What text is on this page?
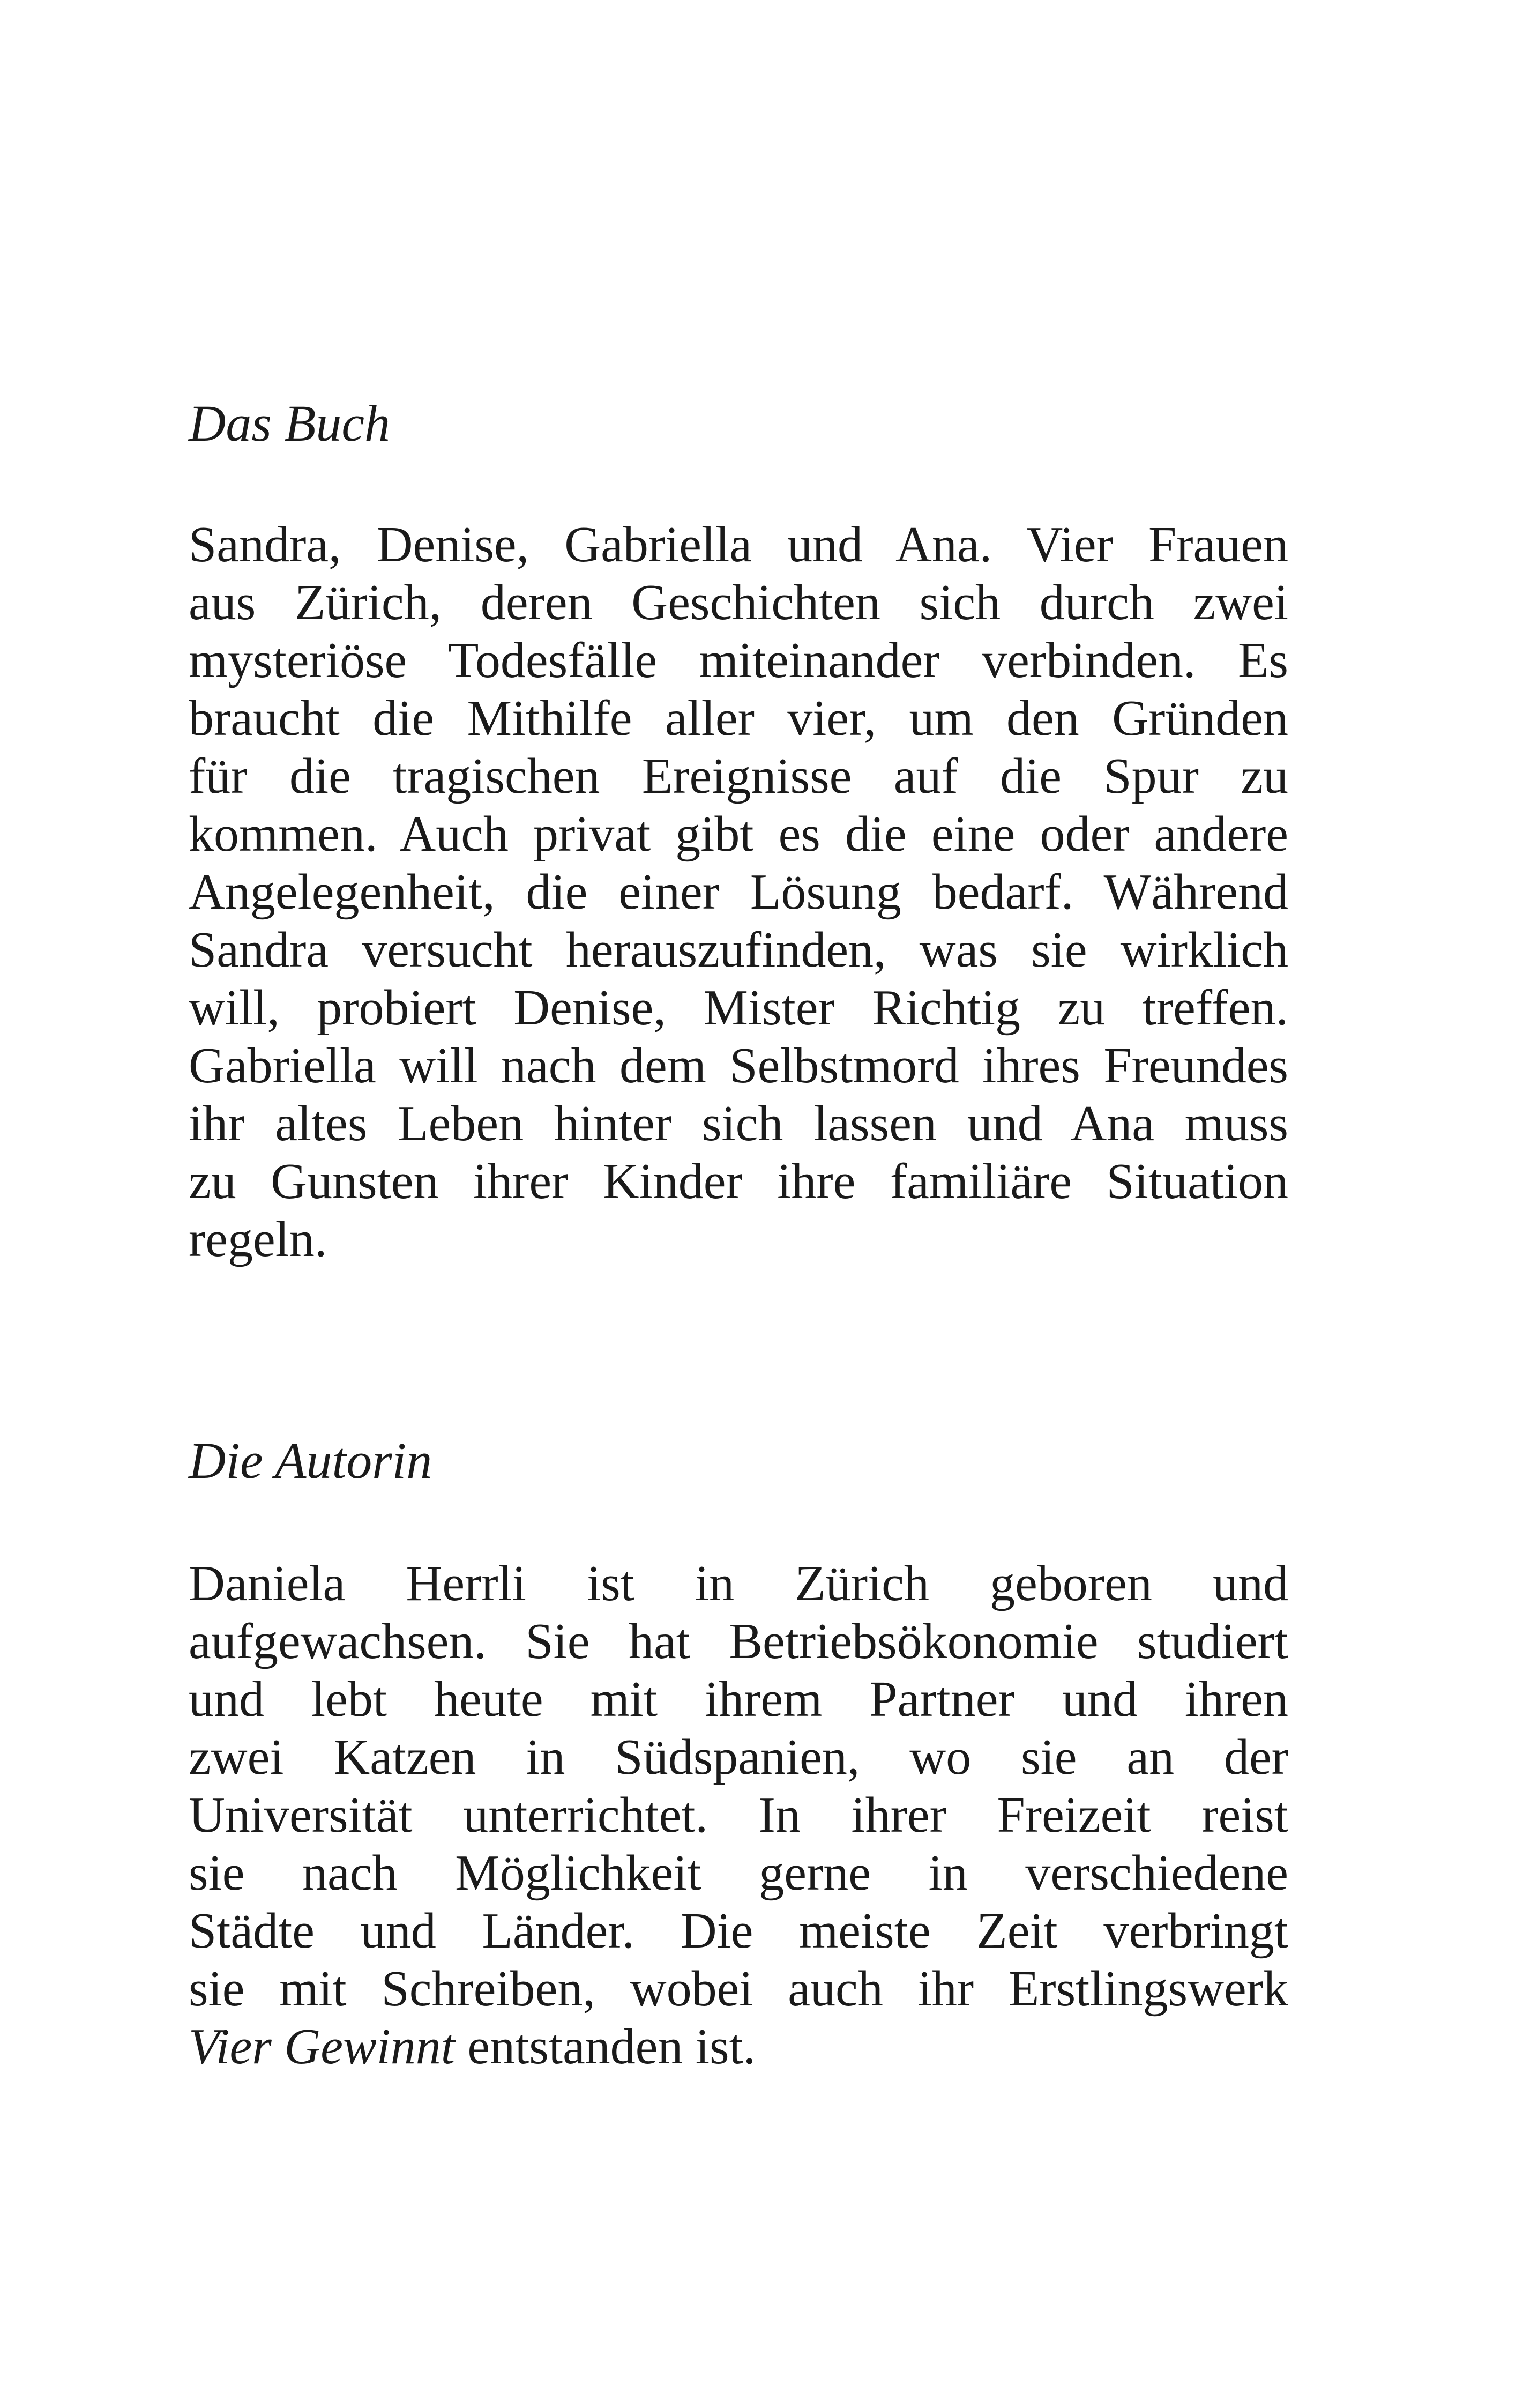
Das Buch
Sandra, Denise, Gabriella und Ana. Vier Frauen
aus Zürich, deren Geschichten sich durch zwei
mysteriöse Todesfälle miteinander verbinden. Es
braucht die Mithilfe aller vier, um den Gründen
für die tragischen Ereignisse auf die Spur zu
kommen. Auch privat gibt es die eine oder andere
Angelegenheit, die einer Lösung bedarf. Während
Sandra versucht herauszufinden, was sie wirklich
will, probiert Denise, Mister Richtig zu treffen.
Gabriella will nach dem Selbstmord ihres Freundes
ihr altes Leben hinter sich lassen und Ana muss
zu Gunsten ihrer Kinder ihre familiäre Situation
regeln.
Die Autorin
Daniela Herrli ist in Zürich geboren und
aufgewachsen. Sie hat Betriebsökonomie studiert
und lebt heute mit ihrem Partner und ihren
zwei Katzen in Südspanien, wo sie an der
Universität unterrichtet. In ihrer Freizeit reist
sie nach Möglichkeit gerne in verschiedene
Städte und Länder. Die meiste Zeit verbringt
sie mit Schreiben, wobei auch ihr Erstlingswerk
Vier Gewinnt entstanden ist.
